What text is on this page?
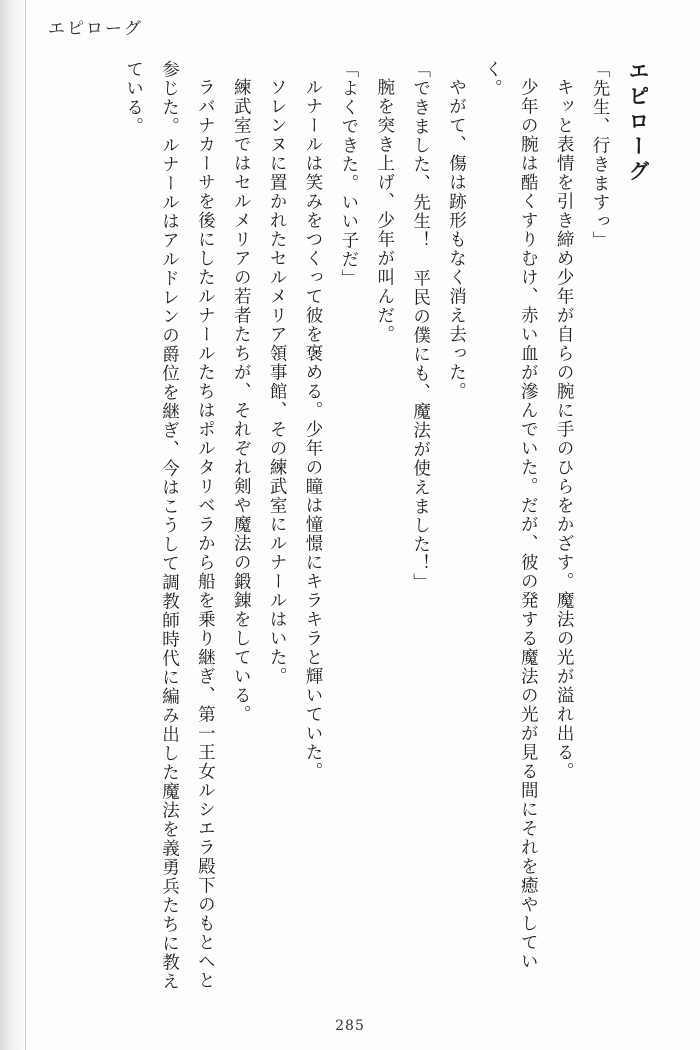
エピローグ
エピローグ
「先生、行きますっ」
キッと表情を引き締め少年が自らの腕に手のひらをかざす。魔法の光が溢れ出る。
少年の腕は酷くすりむけ、赤い血が滲んでいた。だが、彼の発する魔法の光が見る間にそれを癒やしていく。
やがて、傷は跡形もなく消え去った。
「できました、先生！　平民の僕にも、魔法が使えました！」
腕を突き上げ、少年が叫んだ。
「よくできた。いい子だ」
ルナールは笑みをつくって彼を褒める。少年の瞳は憧憬にキラキラと輝いていた。
ソレンヌに置かれたセルメリア領事館、その練武室にルナールはいた。
練武室ではセルメリアの若者たちが、それぞれ剣や魔法の鍛錬をしている。
ラバナカーサを後にしたルナールたちはポルタリベラから船を乗り継ぎ、第一王女ルシエラ殿下のもとへと参じた。ルナールはアルドレンの爵位を継ぎ、今はこうして調教師時代に編み出した魔法を義勇兵たちに教えている。
285
